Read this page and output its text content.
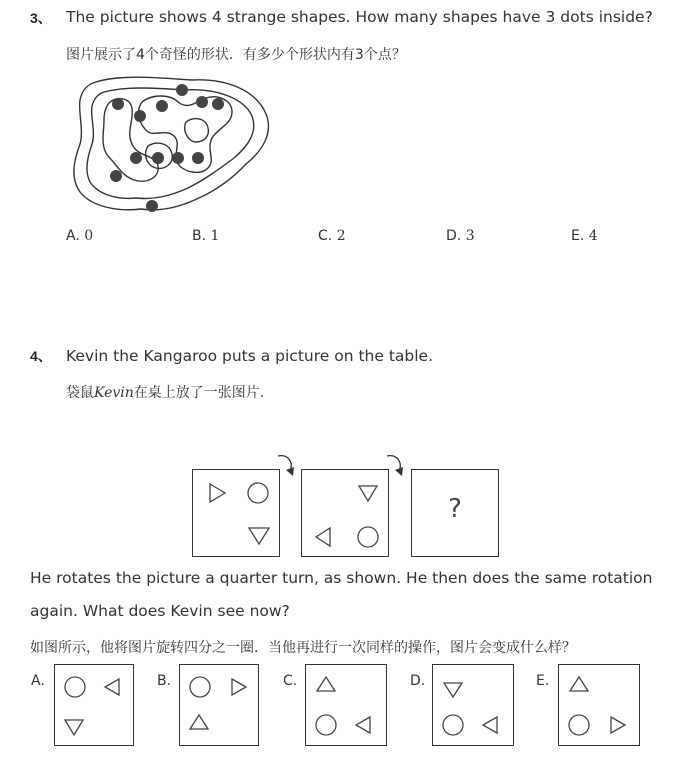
3、 The picture shows 4 strange shapes. How many shapes have 3 dots inside?
图片展示了4个奇怪的形状．有多少个形状内有3个点？
A. 0	B. 1	C. 2	D. 3	E. 4
4、 Kevin the Kangaroo puts a picture on the table.
袋鼠Kevin在桌上放了一张图片.
?
He rotates the picture a quarter turn, as shown. He then does the same rotation
again. What does Kevin see now?
如图所示，他将图片旋转四分之一圈．当他再进行一次同样的操作，图片会变成什么样？
A.	B.	C.	D.	E.
